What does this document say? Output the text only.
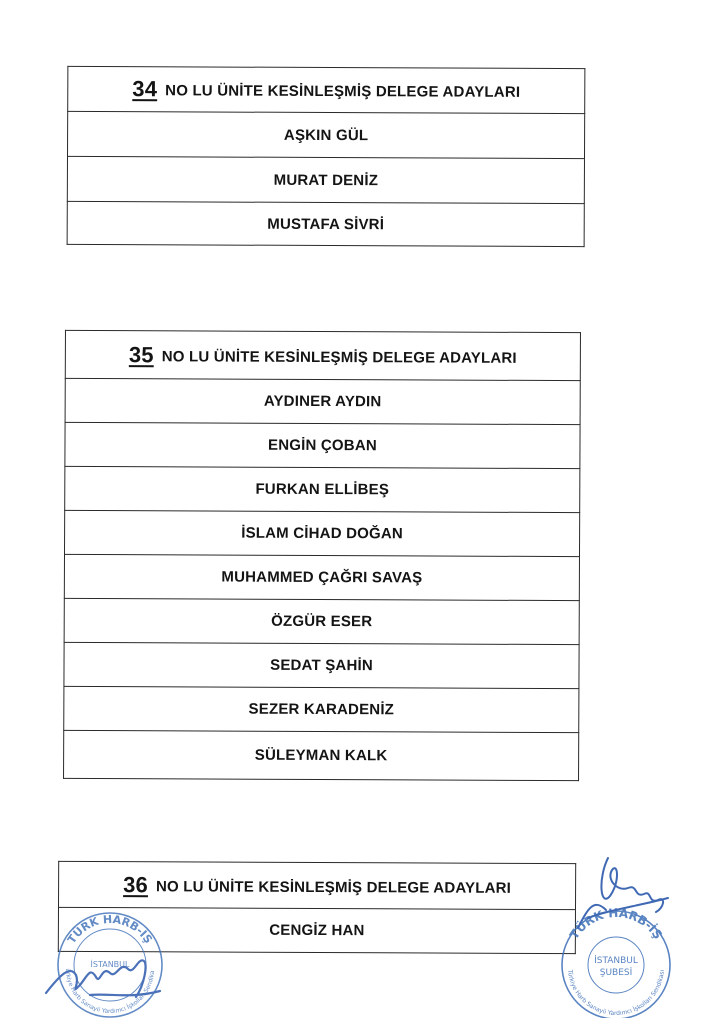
34 NO LU ÜNİTE KESİNLEŞMİŞ DELEGE ADAYLARI
AŞKIN GÜL
MURAT DENİZ
MUSTAFA SİVRİ
35 NO LU ÜNİTE KESİNLEŞMİŞ DELEGE ADAYLARI
AYDINER AYDIN
ENGİN ÇOBAN
FURKAN ELLİBEŞ
İSLAM CİHAD DOĞAN
MUHAMMED ÇAĞRI SAVAŞ
ÖZGÜR ESER
SEDAT ŞAHİN
SEZER KARADENİZ
SÜLEYMAN KALK
36 NO LU ÜNİTE KESİNLEŞMİŞ DELEGE ADAYLARI
CENGİZ HAN
TÜRK HARB-İŞ
ürkiye Harb Sanayii Yardımcı İşkolları Sendika
İSTANBUL
TÜRK HARB-İŞ
Türkiye Harb Sanayii Yardımcı İşkolları Sendikası
İSTANBUL
ŞUBESİ
